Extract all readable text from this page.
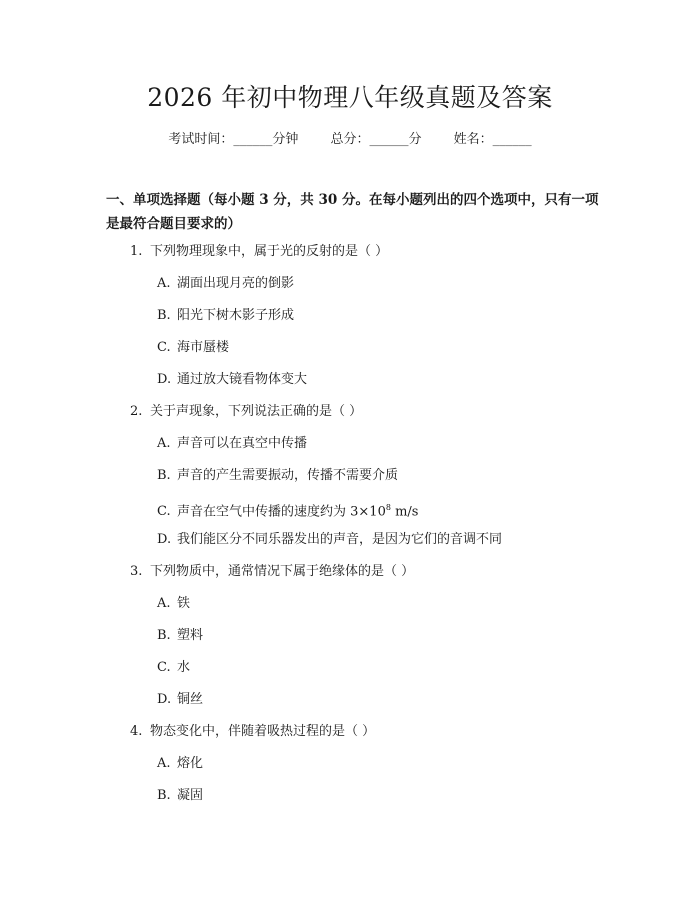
2026 年初中物理八年级真题及答案
考试时间：______分钟 总分：______分 姓名：______
一、单项选择题（每小题 3 分，共 30 分。在每小题列出的四个选项中，只有一项
是最符合题目要求的）
1. 下列物理现象中，属于光的反射的是（ ）
A. 湖面出现月亮的倒影
B. 阳光下树木影子形成
C. 海市蜃楼
D. 通过放大镜看物体变大
2. 关于声现象，下列说法正确的是（ ）
A. 声音可以在真空中传播
B. 声音的产生需要振动，传播不需要介质
C. 声音在空气中传播的速度约为 $3\times 10^8$ m/s
D. 我们能区分不同乐器发出的声音，是因为它们的音调不同
3. 下列物质中，通常情况下属于绝缘体的是（ ）
A. 铁
B. 塑料
C. 水
D. 铜丝
4. 物态变化中，伴随着吸热过程的是（ ）
A. 熔化
B. 凝固
